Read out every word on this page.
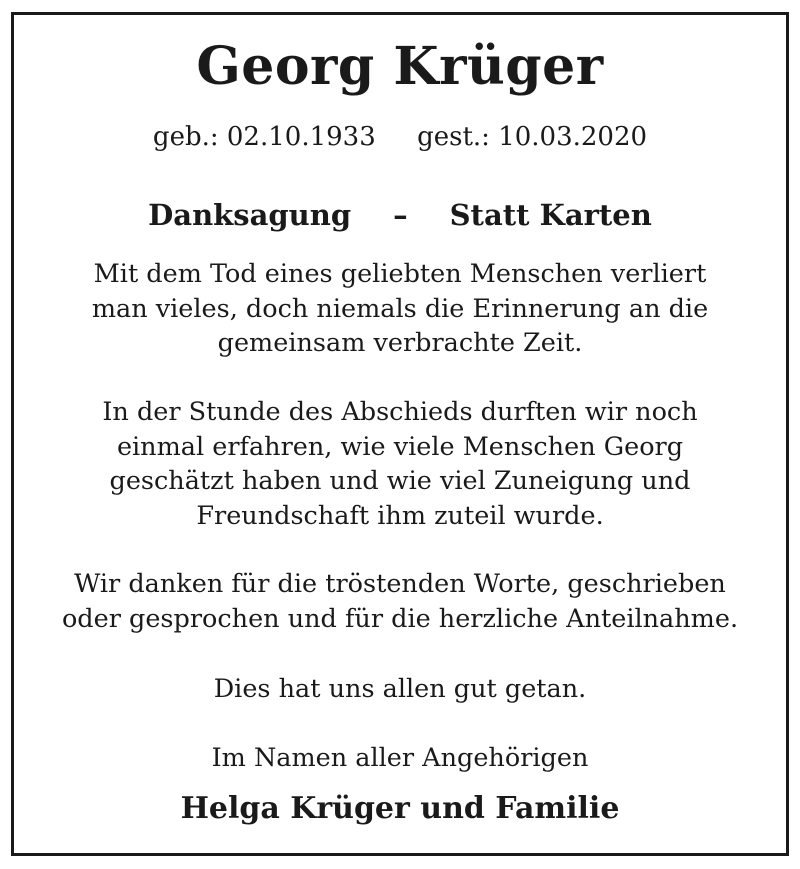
Georg Krüger
geb.: 02.10.1933 gest.: 10.03.2020
Danksagung – Statt Karten
Mit dem Tod eines geliebten Menschen verliert
man vieles, doch niemals die Erinnerung an die
gemeinsam verbrachte Zeit.
In der Stunde des Abschieds durften wir noch
einmal erfahren, wie viele Menschen Georg
geschätzt haben und wie viel Zuneigung und
Freundschaft ihm zuteil wurde.
Wir danken für die tröstenden Worte, geschrieben
oder gesprochen und für die herzliche Anteilnahme.
Dies hat uns allen gut getan.
Im Namen aller Angehörigen
Helga Krüger und Familie
